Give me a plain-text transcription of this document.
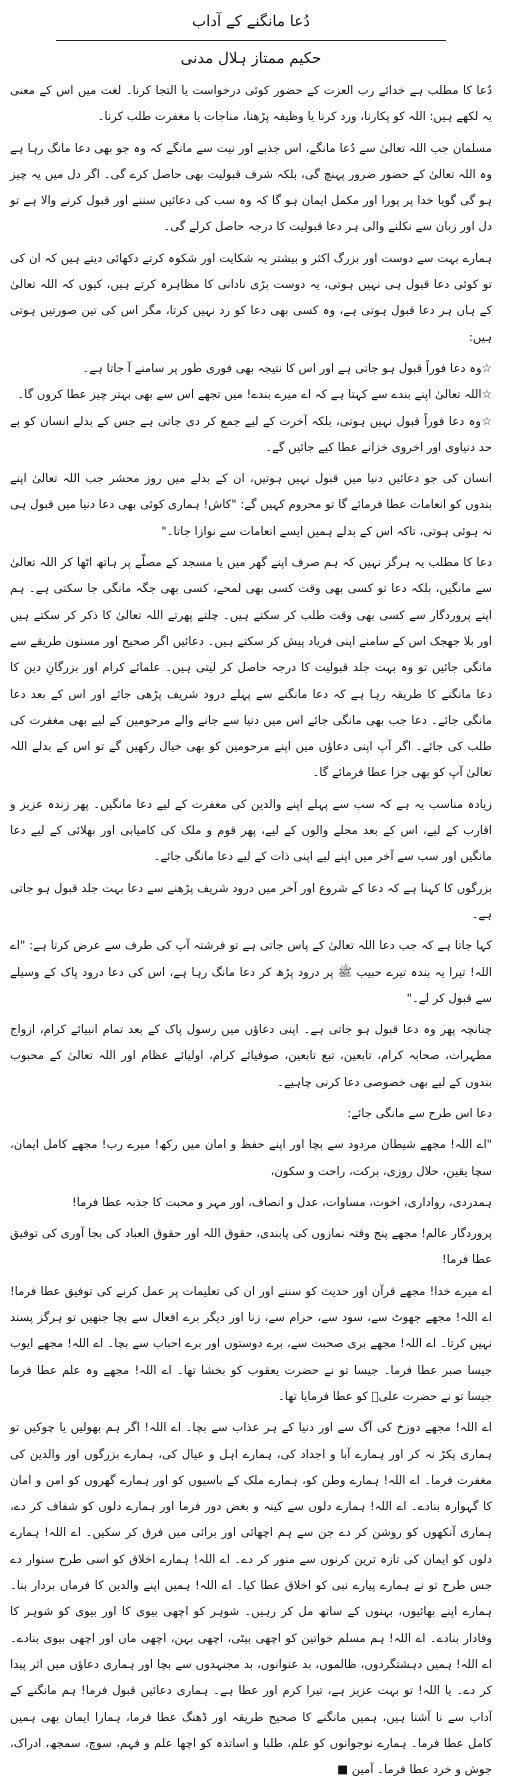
دُعا مانگنے کے آداب
حکیم ممتاز ہلال مدنی

دُعا کا مطلب ہے خدائے رب العزت کے حضور کوئی درخواست یا التجا کرنا۔ لغت میں اس کے معنی یہ لکھے ہیں: اللہ کو پکارنا، ورد کرنا یا وظیفہ پڑھنا، مناجات یا مغفرت طلب کرنا۔

مسلمان جب اللہ تعالیٰ سے دُعا مانگے، اس جذبے اور نیت سے مانگے کہ وہ جو بھی دعا مانگ رہا ہے وہ اللہ تعالیٰ کے حضور ضرور پہنچ گی، بلکہ شرف قبولیت بھی حاصل کرے گی۔ اگر دل میں یہ چیز ہو گی گویا خدا پر پورا اور مکمل ایمان ہو گا کہ وہ سب کی دعائیں سننے اور قبول کرنے والا ہے تو دل اور زبان سے نکلنے والی ہر دعا قبولیت کا درجہ حاصل کرلے گی۔

ہمارے بہت سے دوست اور بزرگ اکثر و بیشتر یہ شکایت اور شکوہ کرتے دکھائی دیتے ہیں کہ ان کی تو کوئی دعا قبول ہی نہیں ہوتی، یہ دوست بڑی نادانی کا مظاہرہ کرتے ہیں، کیوں کہ اللہ تعالیٰ کے ہاں ہر دعا قبول ہوتی ہے، وہ کسی بھی دعا کو رد نہیں کرتا، مگر اس کی تین صورتیں ہوتی ہیں:

☆وہ دعا فوراً قبول ہو جاتی ہے اور اس کا نتیجہ بھی فوری طور پر سامنے آ جاتا ہے۔

☆اللہ تعالیٰ اپنے بندے سے کہتا ہے کہ اے میرے بندے! میں تجھے اس سے بھی بہتر چیز عطا کروں گا۔

☆وہ دعا فوراً قبول نہیں ہوتی، بلکہ آخرت کے لیے جمع کر دی جاتی ہے جس کے بدلے انسان کو بے حد دنیاوی اور اخروی خزانے عطا کیے جائیں گے۔

انسان کی جو دعائیں دنیا میں قبول نہیں ہوتیں، ان کے بدلے میں روز محشر جب اللہ تعالیٰ اپنے بندوں کو انعامات عطا فرمائے گا تو محروم کہیں گے: "کاش! ہماری کوئی بھی دعا دنیا میں قبول ہی نہ ہوئی ہوتی، تاکہ اس کے بدلے ہمیں ایسے انعامات سے نوازا جاتا۔"

دعا کا مطلب یہ ہرگز نہیں کہ ہم صرف اپنے گھر میں یا مسجد کے مصلّے پر ہاتھ اٹھا کر اللہ تعالیٰ سے مانگیں، بلکہ دعا تو کسی بھی وقت کسی بھی لمحے، کسی بھی جگہ مانگی جا سکتی ہے۔ ہم اپنے پروردگار سے کسی بھی وقت طلب کر سکتے ہیں۔ چلتے پھرتے اللہ تعالیٰ کا ذکر کر سکتے ہیں اور بلا جھجک اس کے سامنے اپنی فریاد پیش کر سکتے ہیں۔ دعائیں اگر صحیح اور مسنون طریقے سے مانگی جائیں تو وہ بہت جلد قبولیت کا درجہ حاصل کر لیتی ہیں۔ علمائے کرام اور بزرگانِ دین کا دعا مانگنے کا طریقہ رہا ہے کہ دعا مانگنے سے پہلے درود شریف پڑھی جائے اور اس کے بعد دعا مانگی جائے۔ دعا جب بھی مانگی جائے اس میں دنیا سے جانے والے مرحومین کے لیے بھی مغفرت کی طلب کی جائے۔ اگر آپ اپنی دعاؤں میں اپنے مرحومین کو بھی خیال رکھیں گے تو اس کے بدلے اللہ تعالیٰ آپ کو بھی جزا عطا فرمائے گا۔

زیادہ مناسب یہ ہے کہ سب سے پہلے اپنے والدین کی مغفرت کے لیے دعا مانگیں۔ پھر زندہ عزیز و اقارب کے لیے، اس کے بعد محلے والوں کے لیے، پھر قوم و ملک کی کامیابی اور بھلائی کے لیے دعا مانگیں اور سب سے آخر میں اپنے لیے اپنی ذات کے لیے دعا مانگی جائے۔

بزرگوں کا کہنا ہے کہ دعا کے شروع اور آخر میں درود شریف پڑھنے سے دعا بہت جلد قبول ہو جاتی ہے۔

کہا جاتا ہے کہ جب دعا اللہ تعالیٰ کے پاس جاتی ہے تو فرشتہ آپ کی طرف سے عرض کرتا ہے: "اے اللہ! تیرا یہ بندہ تیرے حبیب ﷺ پر درود پڑھ کر دعا مانگ رہا ہے، اس کی دعا درود پاک کے وسیلے سے قبول کر لے۔"

چنانچہ پھر وہ دعا قبول ہو جاتی ہے۔ اپنی دعاؤں میں رسول پاک کے بعد تمام انبیائے کرام، ازواج مطہرات، صحابہ کرام، تابعین، تبع تابعین، صوفیائے کرام، اولیائے عظام اور اللہ تعالیٰ کے محبوب بندوں کے لیے بھی خصوصی دعا کرنی چاہیے۔

دعا اس طرح سے مانگی جائے:

"اے اللہ! مجھے شیطان مردود سے بچا اور اپنے حفظ و امان میں رکھ! میرے رب! مجھے کامل ایمان، سچا یقین، حلال روزی، برکت، راحت و سکون،

ہمدردی، رواداری، اخوت، مساوات، عدل و انصاف، اور مہر و محبت کا جذبہ عطا فرما!

پروردگار عالم! مجھے پنج وقتہ نمازوں کی پابندی، حقوق اللہ اور حقوق العباد کی بجا آوری کی توفیق عطا فرما!

اے میرے خدا! مجھے قرآن اور حدیث کو سننے اور ان کی تعلیمات پر عمل کرنے کی توفیق عطا فرما! اے اللہ! مجھے جھوٹ سے، سود سے، حرام سے، زنا اور دیگر برے افعال سے بچا جنھیں تو ہرگز پسند نہیں کرتا۔ اے اللہ! مجھے بری صحبت سے، برے دوستوں اور برے احباب سے بچا۔ اے اللہ! مجھے ایوب جیسا صبر عطا فرما۔ جیسا تو نے حضرت یعقوب کو بخشا تھا۔ اے اللہ! مجھے وہ علم عطا فرما جیسا تو نے حضرت علیؓ کو عطا فرمایا تھا۔

اے اللہ! مجھے دوزخ کی آگ سے اور دنیا کے ہر عذاب سے بچا۔ اے اللہ! اگر ہم بھولیں یا چوکیں تو ہماری پکڑ نہ کر اور ہمارے آبا و اجداد کی، ہمارے اہل و عیال کی، ہمارے بزرگوں اور والدین کی مغفرت فرما۔ اے اللہ! ہمارے وطن کو، ہمارے ملک کے باسیوں کو اور ہمارے گھروں کو امن و امان کا گہوارہ بنادے۔ اے اللہ! ہمارے دلوں سے کینہ و بغض دور فرما اور ہمارے دلوں کو شفاف کر دے، ہماری آنکھوں کو روشن کر دے جن سے ہم اچھائی اور برائی میں فرق کر سکیں۔ اے اللہ! ہمارے دلوں کو ایمان کی تازہ ترین کرنوں سے منور کر دے۔ اے اللہ! ہمارے اخلاق کو اسی طرح سنوار دے جس طرح تو نے ہمارے پیارے نبی کو اخلاق عطا کیا۔ اے اللہ! ہمیں اپنے والدین کا فرماں بردار بنا۔ ہمارے اپنے بھائیوں، بہنوں کے ساتھ مل کر رہیں۔ شوہر کو اچھی بیوی کا اور بیوی کو شوہر کا وفادار بنادے۔ اے اللہ! ہم مسلم خواتین کو اچھی بیٹی، اچھی بہن، اچھی ماں اور اچھی بیوی بنادے۔ اے اللہ! ہمیں دہشتگردوں، ظالموں، بد عنوانوں، بد مجنہدوں سے بچا اور ہماری دعاؤں میں اثر پیدا کر دے۔ یا اللہ! تو بہت عزیز ہے، تیرا کرم اور عطا ہے۔ ہماری دعائیں قبول فرما! ہم مانگنے کے آداب سے نا آشنا ہیں، ہمیں مانگنے کا صحیح طریقہ اور ڈھنگ عطا فرما، ہمارا ایمان بھی ہمیں کامل عطا فرما۔ ہمارے نوجوانوں کو علم، طلبا و اساتذہ کو اچھا علم و فہم، سوچ، سمجھ، ادراک، جوش و خرد عطا فرما۔ آمین ■
